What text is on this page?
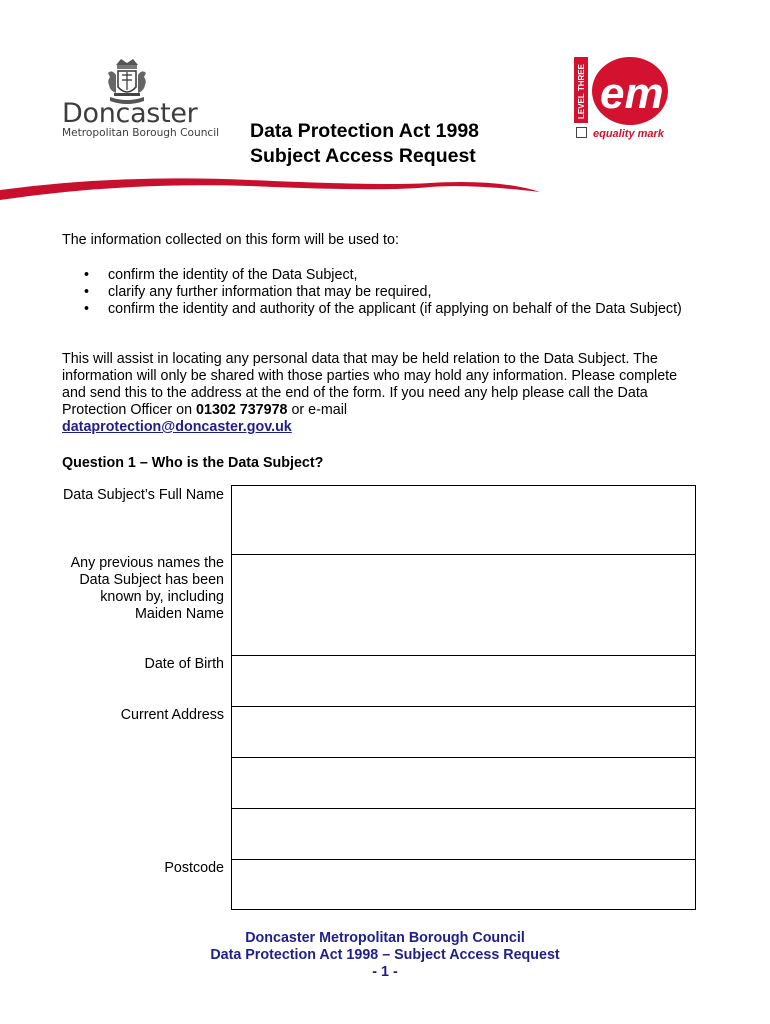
Doncaster
Metropolitan Borough Council Data Protection Act 1998
Subject Access Request
LEVEL THREE em
equality mark
The information collected on this form will be used to:
• confirm the identity of the Data Subject,
• clarify any further information that may be required,
• confirm the identity and authority of the applicant (if applying on behalf of the Data Subject)
This will assist in locating any personal data that may be held relation to the Data Subject. The information will only be shared with those parties who may hold any information. Please complete and send this to the address at the end of the form. If you need any help please call the Data Protection Officer on 01302 737978 or e-mail
dataprotection@doncaster.gov.uk
Question 1 – Who is the Data Subject?
Data Subject’s Full Name
Any previous names the Data Subject has been known by, including Maiden Name
Date of Birth
Current Address
Postcode
Doncaster Metropolitan Borough Council
Data Protection Act 1998 – Subject Access Request
- 1 -
